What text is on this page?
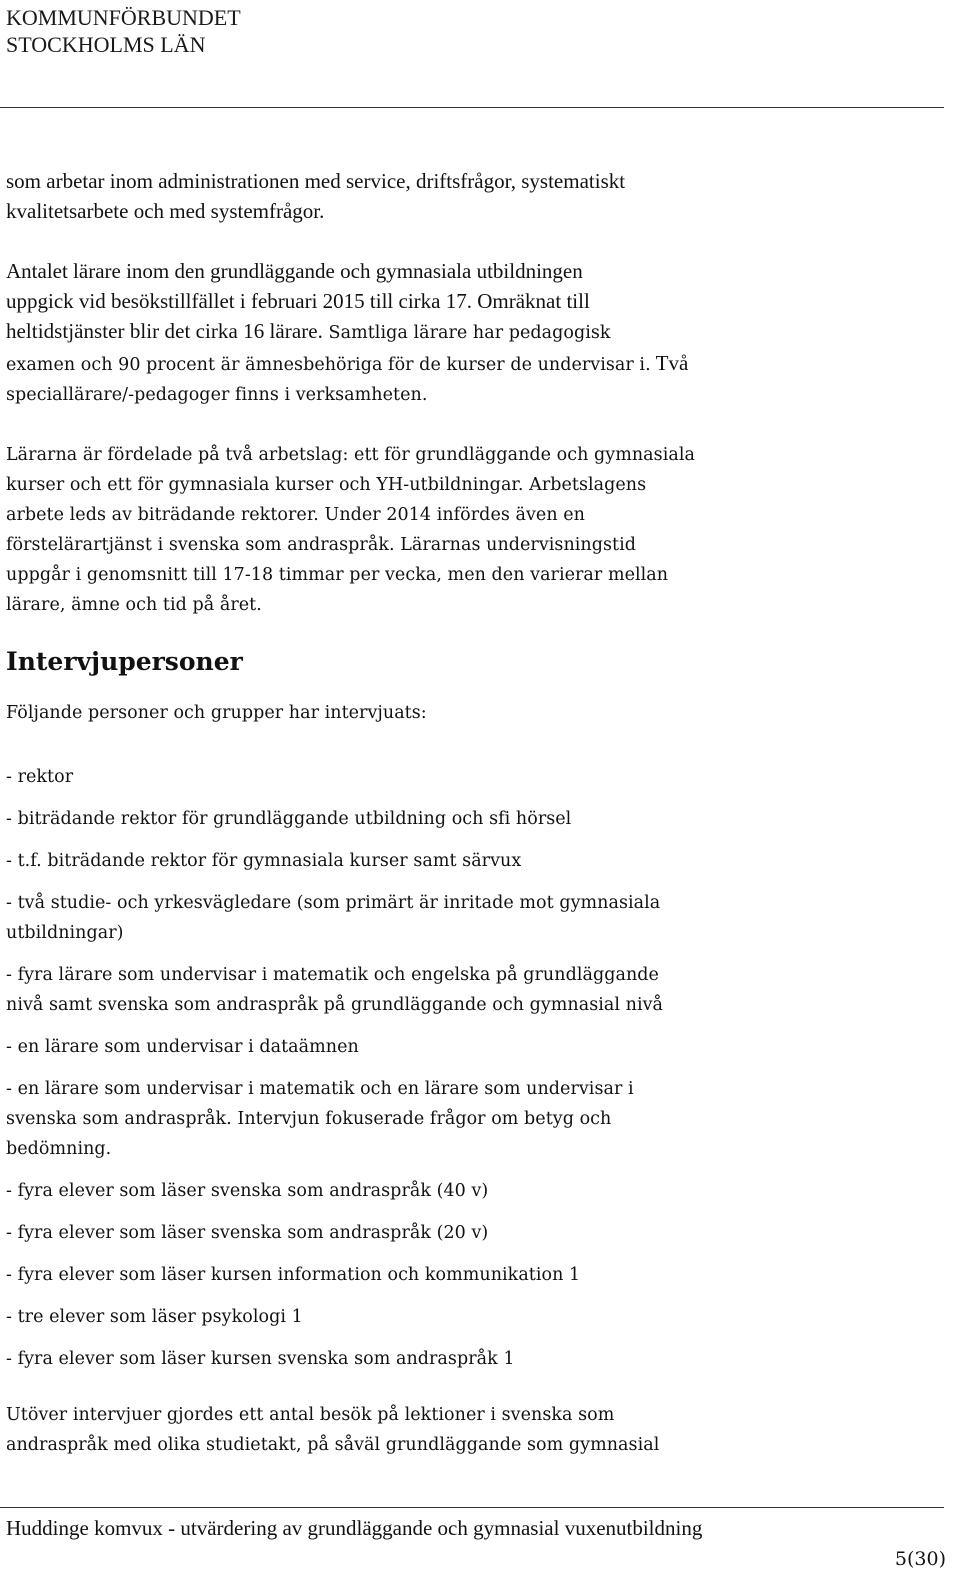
KOMMUNFÖRBUNDET
STOCKHOLMS LÄN
som arbetar inom administrationen med service, driftsfrågor, systematiskt
kvalitetsarbete och med systemfrågor.
Antalet lärare inom den grundläggande och gymnasiala utbildningen
uppgick vid besökstillfället i februari 2015 till cirka 17. Omräknat till
heltidstjänster blir det cirka 16 lärare. Samtliga lärare har pedagogisk
examen och 90 procent är ämnesbehöriga för de kurser de undervisar i. Två
speciallärare/-pedagoger finns i verksamheten.
Lärarna är fördelade på två arbetslag: ett för grundläggande och gymnasiala
kurser och ett för gymnasiala kurser och YH-utbildningar. Arbetslagens
arbete leds av biträdande rektorer. Under 2014 infördes även en
förstelärartjänst i svenska som andraspråk. Lärarnas undervisningstid
uppgår i genomsnitt till 17-18 timmar per vecka, men den varierar mellan
lärare, ämne och tid på året.
Intervjupersoner
Följande personer och grupper har intervjuats:
- rektor
- biträdande rektor för grundläggande utbildning och sfi hörsel
- t.f. biträdande rektor för gymnasiala kurser samt särvux
- två studie- och yrkesvägledare (som primärt är inritade mot gymnasiala
utbildningar)
- fyra lärare som undervisar i matematik och engelska på grundläggande
nivå samt svenska som andraspråk på grundläggande och gymnasial nivå
- en lärare som undervisar i dataämnen
- en lärare som undervisar i matematik och en lärare som undervisar i
svenska som andraspråk. Intervjun fokuserade frågor om betyg och
bedömning.
- fyra elever som läser svenska som andraspråk (40 v)
- fyra elever som läser svenska som andraspråk (20 v)
- fyra elever som läser kursen information och kommunikation 1
- tre elever som läser psykologi 1
- fyra elever som läser kursen svenska som andraspråk 1
Utöver intervjuer gjordes ett antal besök på lektioner i svenska som
andraspråk med olika studietakt, på såväl grundläggande som gymnasial
Huddinge komvux - utvärdering av grundläggande och gymnasial vuxenutbildning
5(30)
